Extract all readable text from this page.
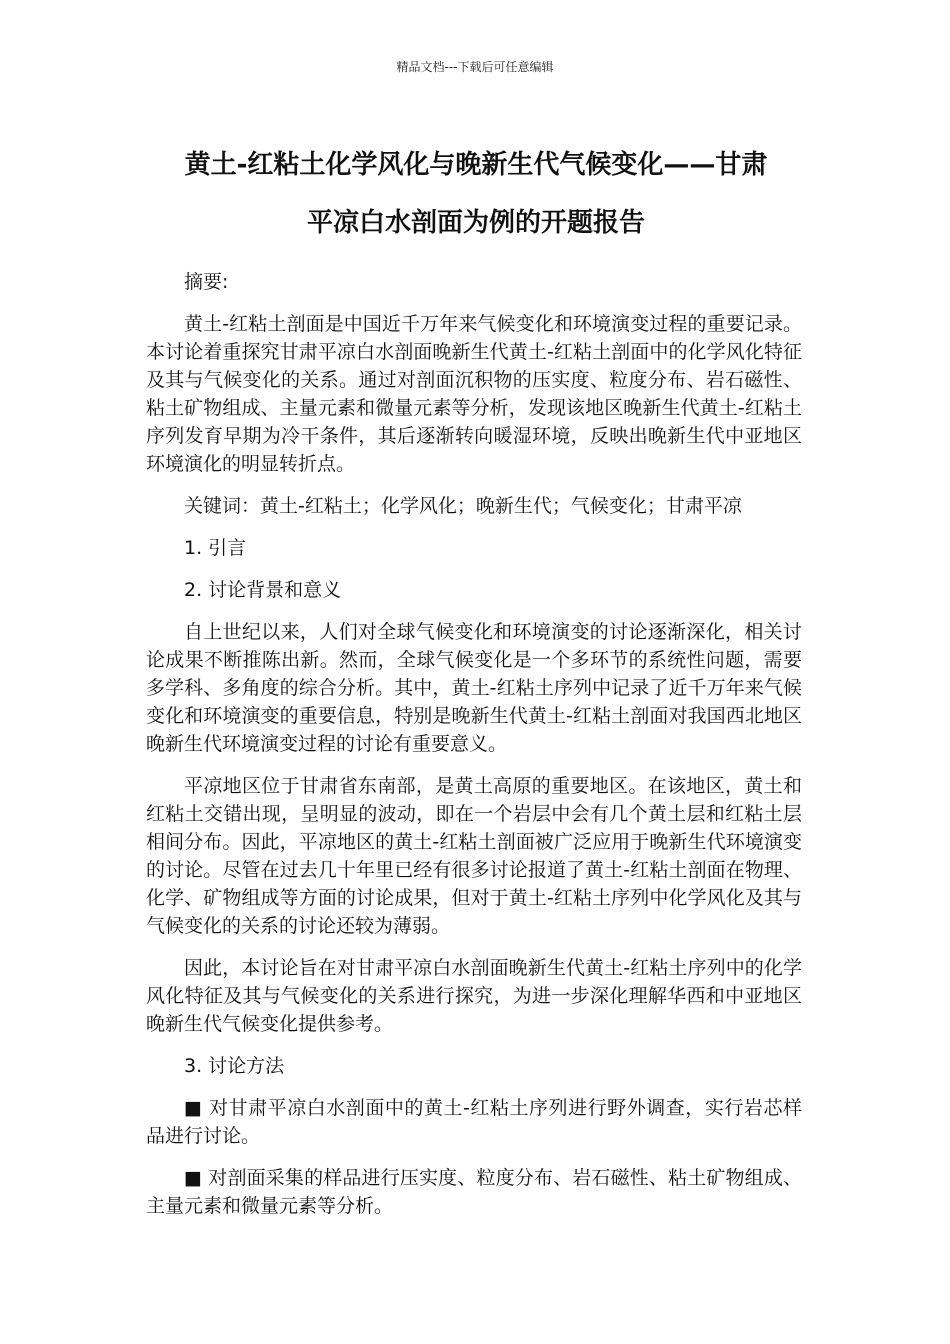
精品文档---下载后可任意编辑
黄土-红粘土化学风化与晚新生代气候变化——甘肃
平凉白水剖面为例的开题报告

摘要:

黄土-红粘土剖面是中国近千万年来气候变化和环境演变过程的重要记录。本讨论着重探究甘肃平凉白水剖面晚新生代黄土-红粘土剖面中的化学风化特征及其与气候变化的关系。通过对剖面沉积物的压实度、粒度分布、岩石磁性、粘土矿物组成、主量元素和微量元素等分析，发现该地区晚新生代黄土-红粘土序列发育早期为冷干条件，其后逐渐转向暖湿环境，反映出晚新生代中亚地区环境演化的明显转折点。

关键词：黄土-红粘土；化学风化；晚新生代；气候变化；甘肃平凉

1. 引言

2. 讨论背景和意义

自上世纪以来，人们对全球气候变化和环境演变的讨论逐渐深化，相关讨论成果不断推陈出新。然而，全球气候变化是一个多环节的系统性问题，需要多学科、多角度的综合分析。其中，黄土-红粘土序列中记录了近千万年来气候变化和环境演变的重要信息，特别是晚新生代黄土-红粘土剖面对我国西北地区晚新生代环境演变过程的讨论有重要意义。

平凉地区位于甘肃省东南部，是黄土高原的重要地区。在该地区，黄土和红粘土交错出现，呈明显的波动，即在一个岩层中会有几个黄土层和红粘土层相间分布。因此，平凉地区的黄土-红粘土剖面被广泛应用于晚新生代环境演变的讨论。尽管在过去几十年里已经有很多讨论报道了黄土-红粘土剖面在物理、化学、矿物组成等方面的讨论成果，但对于黄土-红粘土序列中化学风化及其与气候变化的关系的讨论还较为薄弱。

因此，本讨论旨在对甘肃平凉白水剖面晚新生代黄土-红粘土序列中的化学风化特征及其与气候变化的关系进行探究，为进一步深化理解华西和中亚地区晚新生代气候变化提供参考。

3. 讨论方法

■ 对甘肃平凉白水剖面中的黄土-红粘土序列进行野外调查，实行岩芯样品进行讨论。

■ 对剖面采集的样品进行压实度、粒度分布、岩石磁性、粘土矿物组成、主量元素和微量元素等分析。
